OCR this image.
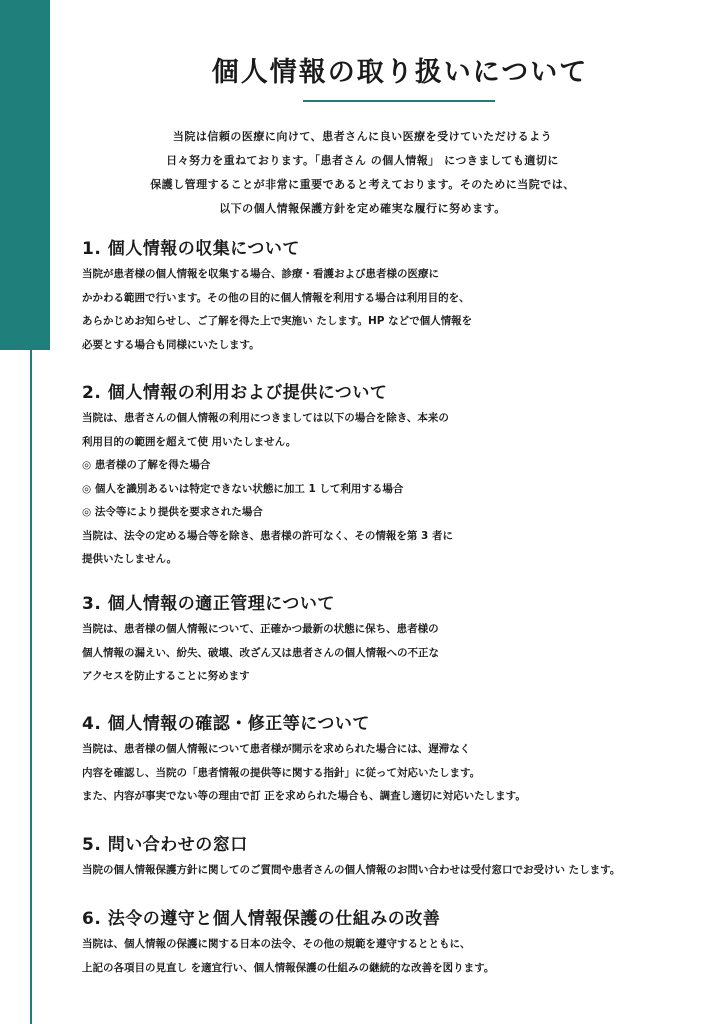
個人情報の取り扱いについて
当院は信頼の医療に向けて、患者さんに良い医療を受けていただけるよう
日々努力を重ねております。「患者さん の個人情報」 につきましても適切に
保護し管理することが非常に重要であると考えております。そのために当院では、
以下の個人情報保護方針を定め確実な履行に努めます。
1. 個人情報の収集について
当院が患者様の個人情報を収集する場合、診療・看護および患者様の医療に
かかわる範囲で行います。その他の目的に個人情報を利用する場合は利用目的を、
あらかじめお知らせし、ご了解を得た上で実施い たします。HP などで個人情報を
必要とする場合も同様にいたします。
2. 個人情報の利用および提供について
当院は、患者さんの個人情報の利用につきましては以下の場合を除き、本来の
利用目的の範囲を超えて使 用いたしません。
◎ 患者様の了解を得た場合
◎ 個人を識別あるいは特定できない状態に加工 1 して利用する場合
◎ 法令等により提供を要求された場合
当院は、法令の定める場合等を除き、患者様の許可なく、その情報を第 3 者に
提供いたしません。
3. 個人情報の適正管理について
当院は、患者様の個人情報について、正確かつ最新の状態に保ち、患者様の
個人情報の漏えい、紛失、破壊、改ざん又は患者さんの個人情報への不正な
アクセスを防止することに努めます
4. 個人情報の確認・修正等について
当院は、患者様の個人情報について患者様が開示を求められた場合には、遅滞なく
内容を確認し、当院の「患者情報の提供等に関する指針」に従って対応いたします。
また、内容が事実でない等の理由で訂 正を求められた場合も、調査し適切に対応いたします。
5. 問い合わせの窓口
当院の個人情報保護方針に関してのご質問や患者さんの個人情報のお問い合わせは受付窓口でお受けい たします。
6. 法令の遵守と個人情報保護の仕組みの改善
当院は、個人情報の保護に関する日本の法令、その他の規範を遵守するとともに、
上記の各項目の見直し を適宜行い、個人情報保護の仕組みの継続的な改善を図ります。
